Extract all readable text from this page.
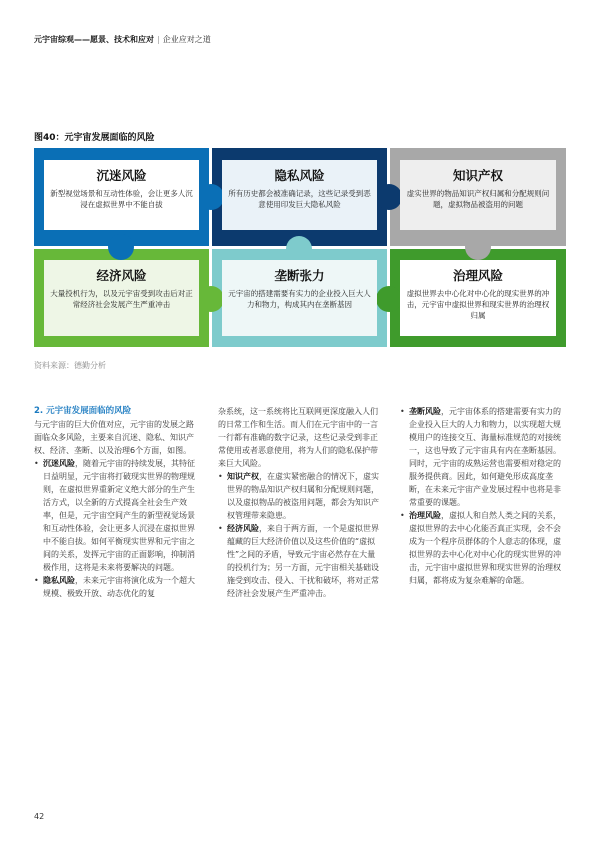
元宇宙综观——愿景、技术和应对 | 企业应对之道
图40：元宇宙发展面临的风险
沉迷风险
新型视觉场景和互动性体验，会让更多人沉浸在虚拟世界中不能自拔
隐私风险
所有历史都会被准确记录，这些记录受到恶意使用印发巨大隐私风险
知识产权
虚实世界的物品知识产权归属和分配规则问题，虚拟物品被盗用的问题
经济风险
大量投机行为，以及元宇宙受到攻击后对正常经济社会发展产生严重冲击
垄断张力
元宇宙的搭建需要有实力的企业投入巨大人力和物力，构成其内在垄断基因
治理风险
虚拟世界去中心化对中心化的现实世界的冲击，元宇宙中虚拟世界和现实世界的治理权归属
资料来源：德勤分析

2. 元宇宙发展面临的风险

与元宇宙的巨大价值对应，元宇宙的发展之路面临众多风险，主要来自沉迷、隐私、知识产权、经济、垄断、以及治理6个方面，如图。

• 沉迷风险，随着元宇宙的持续发展，其特征日益明显，元宇宙将打破现实世界的物理规则，在虚拟世界重新定义绝大部分的生产生活方式，以全新的方式提高全社会生产效率，但是，元宇宙空间产生的新型视觉场景和互动性体验，会让更多人沉浸在虚拟世界中不能自拔。如何平衡现实世界和元宇宙之间的关系，发挥元宇宙的正面影响，抑制消极作用，这将是未来将要解决的问题。

• 隐私风险，未来元宇宙将演化成为一个超大规模、极致开放、动态优化的复

杂系统，这一系统将比互联网更深度融入人们的日常工作和生活。而人们在元宇宙中的一言一行都有准确的数字记录，这些记录受到非正常使用或者恶意使用，将为人们的隐私保护带来巨大风险。

• 知识产权，在虚实紧密融合的情况下，虚实世界的物品知识产权归属和分配规则问题，以及虚拟物品的被盗用问题，都会为知识产权管理带来隐患。

• 经济风险，来自于两方面，一个是虚拟世界蕴藏的巨大经济价值以及这些价值的“虚拟性”之间的矛盾，导致元宇宙必然存在大量的投机行为；另一方面，元宇宙相关基础设施受到攻击、侵入、干扰和破坏，将对正常经济社会发展产生严重冲击。

• 垄断风险，元宇宙体系的搭建需要有实力的企业投入巨大的人力和物力，以实现超大规模用户的连接交互、海量标准规范的对接统一，这也导致了元宇宙具有内在垄断基因。同时，元宇宙的成熟运营也需要相对稳定的服务提供商。因此，如何避免形成高度垄断，在未来元宇宙产业发展过程中也将是非常重要的课题。

• 治理风险，虚拟人和自然人类之间的关系，虚拟世界的去中心化能否真正实现，会不会成为一个程序员群体的个人意志的体现，虚拟世界的去中心化对中心化的现实世界的冲击，元宇宙中虚拟世界和现实世界的治理权归属，都将成为复杂难解的命题。

42
